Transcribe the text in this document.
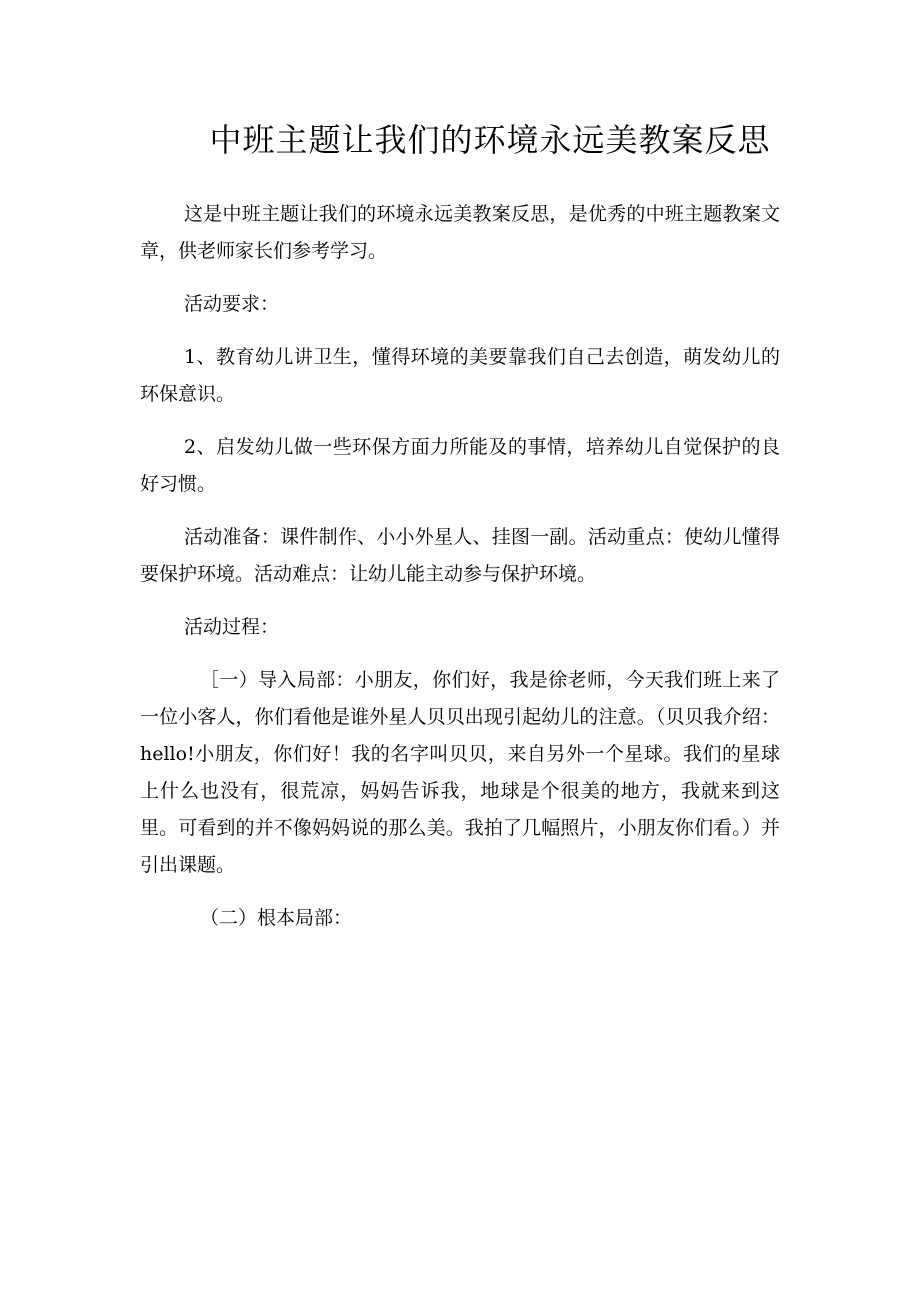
中班主题让我们的环境永远美教案反思

这是中班主题让我们的环境永远美教案反思，是优秀的中班主题教案文章，供老师家长们参考学习。

活动要求：

1、教育幼儿讲卫生，懂得环境的美要靠我们自己去创造，萌发幼儿的环保意识。

2、启发幼儿做一些环保方面力所能及的事情，培养幼儿自觉保护的良好习惯。

活动准备：课件制作、小小外星人、挂图一副。活动重点：使幼儿懂得要保护环境。活动难点：让幼儿能主动参与保护环境。

活动过程：

［一）导入局部：小朋友，你们好，我是徐老师，今天我们班上来了一位小客人，你们看他是谁外星人贝贝出现引起幼儿的注意。（贝贝我介绍：hello!小朋友，你们好！我的名字叫贝贝，来自另外一个星球。我们的星球上什么也没有，很荒凉，妈妈告诉我，地球是个很美的地方，我就来到这里。可看到的并不像妈妈说的那么美。我拍了几幅照片，小朋友你们看。）并引出课题。

（二）根本局部：
